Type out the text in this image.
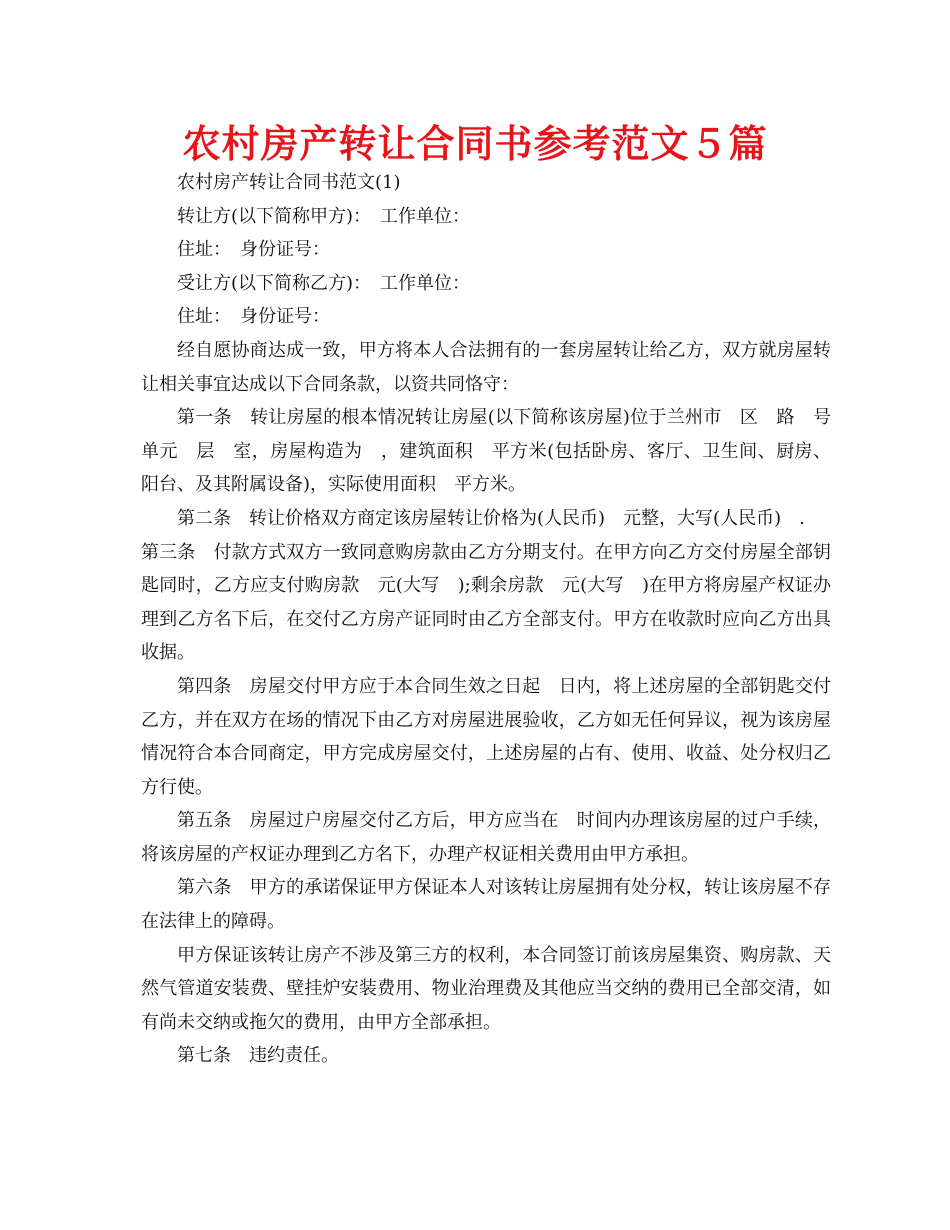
农村房产转让合同书参考范文５篇

农村房产转让合同书范文(1)

转让方(以下简称甲方)：　工作单位：

住址：　身份证号：

受让方(以下简称乙方)：　工作单位：

住址：　身份证号：

经自愿协商达成一致，甲方将本人合法拥有的一套房屋转让给乙方，双方就房屋转让相关事宜达成以下合同条款，以资共同恪守：

第一条　转让房屋的根本情况转让房屋(以下简称该房屋)位于兰州市　区　路　号单元　层　室，房屋构造为　，建筑面积　平方米(包括卧房、客厅、卫生间、厨房、阳台、及其附属设备)，实际使用面积　平方米。

第二条　转让价格双方商定该房屋转让价格为(人民币)　元整，大写(人民币)　.

第三条　付款方式双方一致同意购房款由乙方分期支付。在甲方向乙方交付房屋全部钥匙同时，乙方应支付购房款　元(大写　);剩余房款　元(大写　)在甲方将房屋产权证办理到乙方名下后，在交付乙方房产证同时由乙方全部支付。甲方在收款时应向乙方出具收据。

第四条　房屋交付甲方应于本合同生效之日起　日内，将上述房屋的全部钥匙交付乙方，并在双方在场的情况下由乙方对房屋进展验收，乙方如无任何异议，视为该房屋情况符合本合同商定，甲方完成房屋交付，上述房屋的占有、使用、收益、处分权归乙方行使。

第五条　房屋过户房屋交付乙方后，甲方应当在　时间内办理该房屋的过户手续，将该房屋的产权证办理到乙方名下，办理产权证相关费用由甲方承担。

第六条　甲方的承诺保证甲方保证本人对该转让房屋拥有处分权，转让该房屋不存在法律上的障碍。

甲方保证该转让房产不涉及第三方的权利，本合同签订前该房屋集资、购房款、天然气管道安装费、壁挂炉安装费用、物业治理费及其他应当交纳的费用已全部交清，如有尚未交纳或拖欠的费用，由甲方全部承担。

第七条　违约责任。
